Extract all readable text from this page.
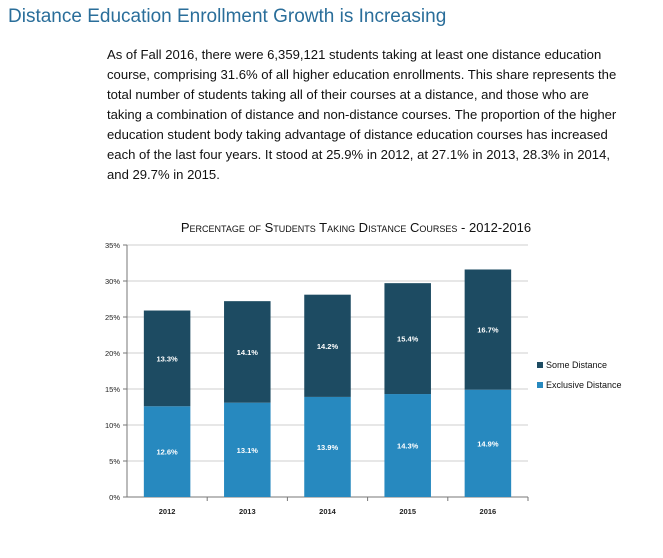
Distance Education Enrollment Growth is Increasing

As of Fall 2016, there were 6,359,121 students taking at least one distance education course, comprising 31.6% of all higher education enrollments. This share represents the total number of students taking all of their courses at a distance, and those who are taking a combination of distance and non-distance courses. The proportion of the higher education student body taking advantage of distance education courses has increased each of the last four years. It stood at 25.9% in 2012, at 27.1% in 2013, 28.3% in 2014, and 29.7% in 2015.

Percentage of Students Taking Distance Courses - 2012-2016
0%
5%
10%
15%
20%
25%
30%
35%
2012	2013	2014	2015	2016
12.6%
13.3%
13.1%
14.1%
13.9%
14.2%
14.3%
15.4%
14.9%
16.7%
Some Distance
Exclusive Distance
